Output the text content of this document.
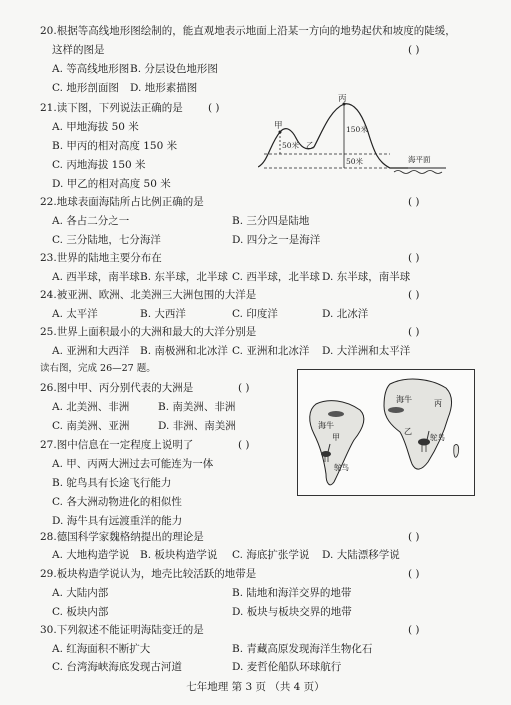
20.根据等高线地形图绘制的，能直观地表示地面上沿某一方向的地势起伏和坡度的陡缓，
这样的图是	( )
A. 等高线地形图 B. 分层设色地形图
C. 地形剖面图 D. 地形素描图
21.读下图，下列说法正确的是 ( )
A. 甲地海拔 50 米
B. 甲丙的相对高度 150 米
C. 丙地海拔 150 米
D. 甲乙的相对高度 50 米
甲
丙
50米 乙
150米
50米	海平面
22.地球表面海陆所占比例正确的是	( )
A. 各占二分之一	B. 三分四是陆地
C. 三分陆地，七分海洋	D. 四分之一是海洋
23.世界的陆地主要分布在	( )
A. 西半球，南半球 B. 东半球，北半球 C. 西半球，北半球 D. 东半球，南半球
24.被亚洲、欧洲、北美洲三大洲包围的大洋是	( )
A. 太平洋	B. 大西洋	C. 印度洋	D. 北冰洋
25.世界上面积最小的大洲和最大的大洋分别是	( )
A. 亚洲和大西洋 B. 南极洲和北冰洋 C. 亚洲和北冰洋 D. 大洋洲和太平洋
读右图，完成 26—27 题。
26.图中甲、丙分别代表的大洲是	( )
A. 北美洲、非洲	B. 南美洲、非洲
C. 南美洲、亚洲	D. 非洲、南美洲
27.图中信息在一定程度上说明了	( )
A. 甲、丙两大洲过去可能连为一体
B. 鸵鸟具有长途飞行能力
C. 各大洲动物进化的相似性
D. 海牛具有远渡重洋的能力
海牛
海牛
丙
乙
甲	鸵鸟
鸵鸟
28.德国科学家魏格纳提出的理论是	( )
A. 大地构造学说 B. 板块构造学说 C. 海底扩张学说 D. 大陆漂移学说
29.板块构造学说认为，地壳比较活跃的地带是	( )
A. 大陆内部	B. 陆地和海洋交界的地带
C. 板块内部	D. 板块与板块交界的地带
30.下列叙述不能证明海陆变迁的是	( )
A. 红海面积不断扩大	B. 青藏高原发现海洋生物化石
C. 台湾海峡海底发现古河道	D. 麦哲伦船队环球航行
七年地理 第 3 页 （共 4 页）
